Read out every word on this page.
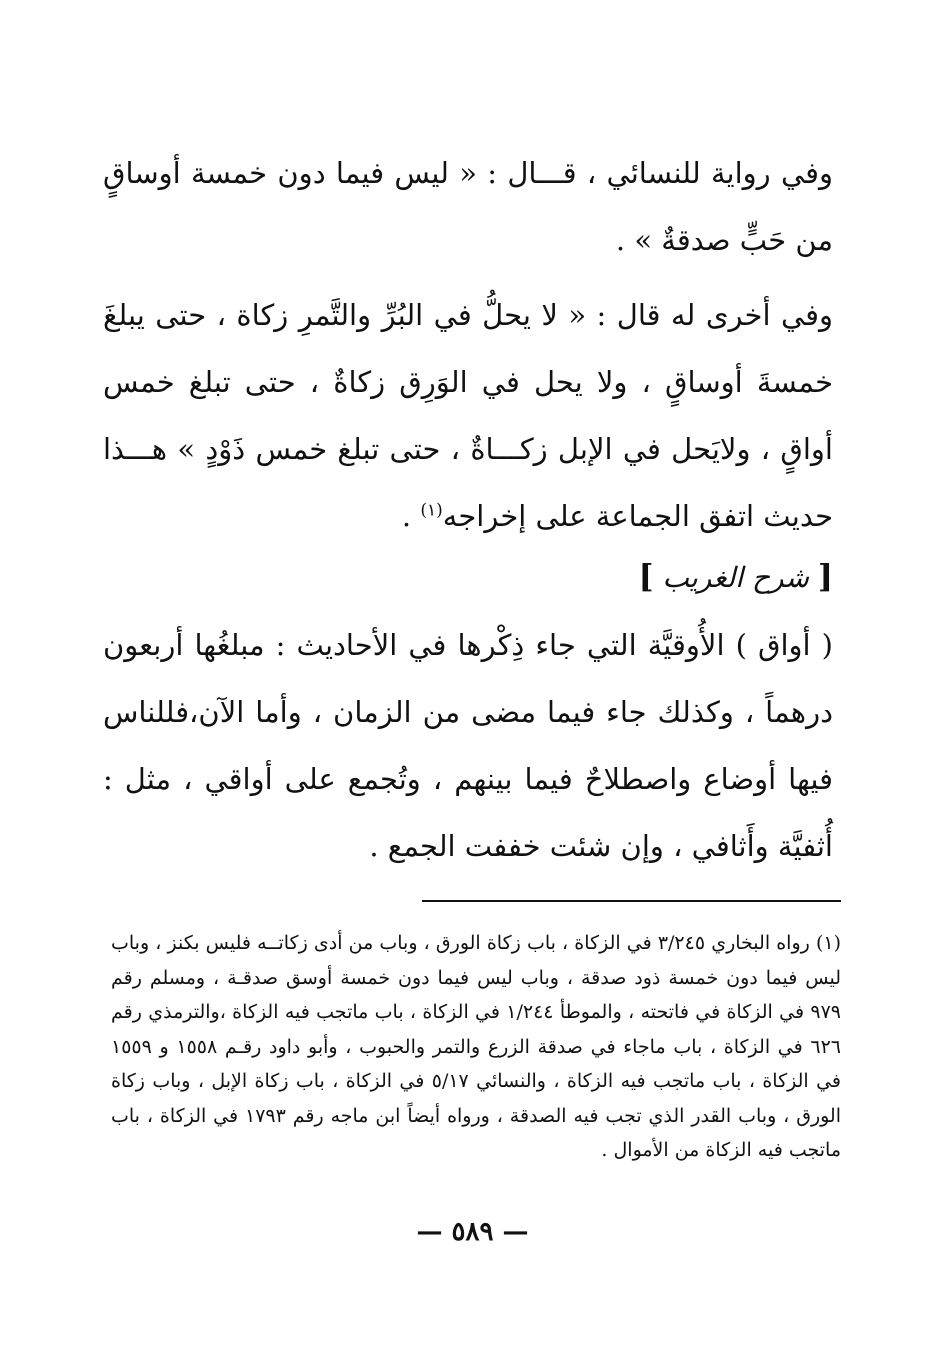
وفي رواية للنسائي ، قـــال : « ليس فيما دون خمسة أوساقٍ من حَبٍّ صدقةٌ » .
وفي أخرى له قال : « لا يحلُّ في البُرِّ والتَّمرِ زكاة ، حتى يبلغَ خمسةَ أوساقٍ ، ولا يحل في الوَرِق زكاةٌ ، حتى تبلغ خمس أواقٍ ، ولايَحل في الإبل زكـــاةٌ ، حتى تبلغ خمس ذَوْدٍ » هـــذا حديث اتفق الجماعة على إخراجه$^{(١)}$ .
[ شرح الغريب ]
( أواق ) الأُوقيَّة التي جاء ذِكْرها في الأحاديث : مبلغُها أربعون درهماً ، وكذلك جاء فيما مضى من الزمان ، وأما الآن،فللناس فيها أوضاع واصطلاحٌ فيما بينهم ، وتُجمع على أواقي ، مثل : أُثفيَّة وأَثافي ، وإن شئت خففت الجمع .
(١) رواه البخاري ٣/٢٤٥ في الزكاة ، باب زكاة الورق ، وباب من أدى زكاتــه فليس بكنز ، وباب ليس فيما دون خمسة ذود صدقة ، وباب ليس فيما دون خمسة أوسق صدقـة ، ومسلم رقم ٩٧٩ في الزكاة في فاتحته ، والموطأ ١/٢٤٤ في الزكاة ، باب ماتجب فيه الزكاة ،والترمذي رقم ٦٢٦ في الزكاة ، باب ماجاء في صدقة الزرع والتمر والحبوب ، وأبو داود رقـم ١٥٥٨ و ١٥٥٩ في الزكاة ، باب ماتجب فيه الزكاة ، والنسائي ٥/١٧ في الزكاة ، باب زكاة الإبل ، وباب زكاة الورق ، وباب القدر الذي تجب فيه الصدقة ، ورواه أيضاً ابن ماجه رقم ١٧٩٣ في الزكاة ، باب ماتجب فيه الزكاة من الأموال .
— ٥٨٩ —
